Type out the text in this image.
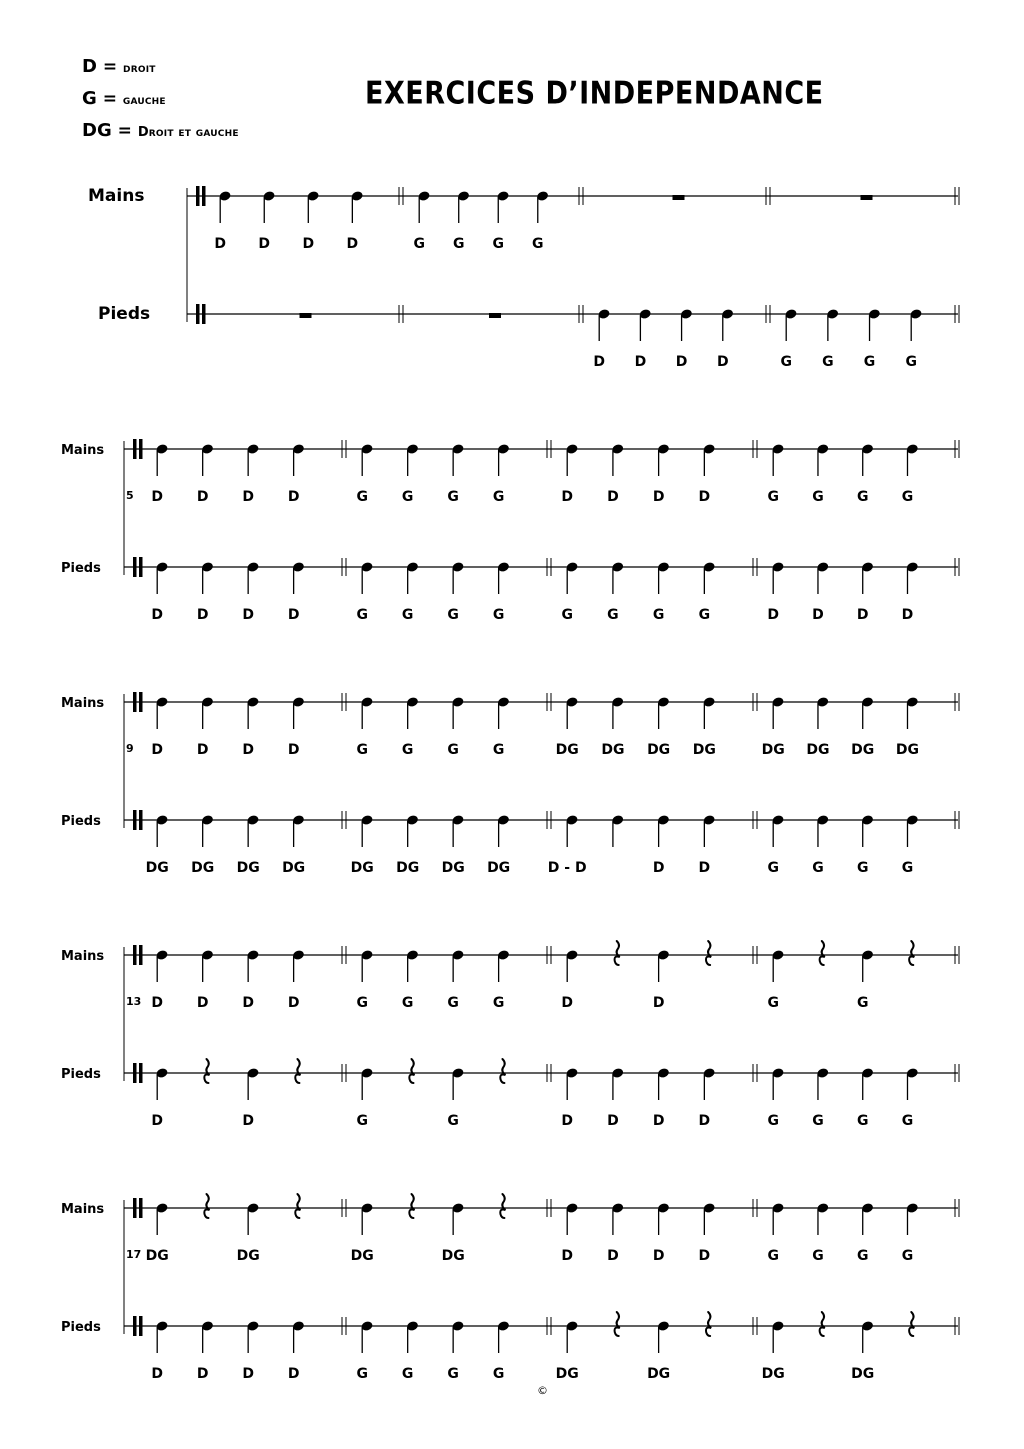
D = droit
G = gauche
DG = Droit et gauche
EXERCICES D’INDEPENDANCE
Mains
Pieds
D D D D	G G G G
D D D D	G G G G
Mains
Pieds
5 D D D D	G G G G	D D D D	G G G G
D D D D	G G G G	G G G G	D D D D
Mains
Pieds
9 D D D D	G G G G	DG DG DG DG	DG DG DG DG
DG DG DG DG	DG DG DG DG	D - D	D D	G G G G
Mains
Pieds
13 D D D D	G G G G	D	D	G	G
D	D	G	G	D D D D	G G G G
Mains
Pieds
17 DG	DG	DG	DG	D D D D	G G G G
D D D D	G G G G	DG	DG	DG	DG
©
